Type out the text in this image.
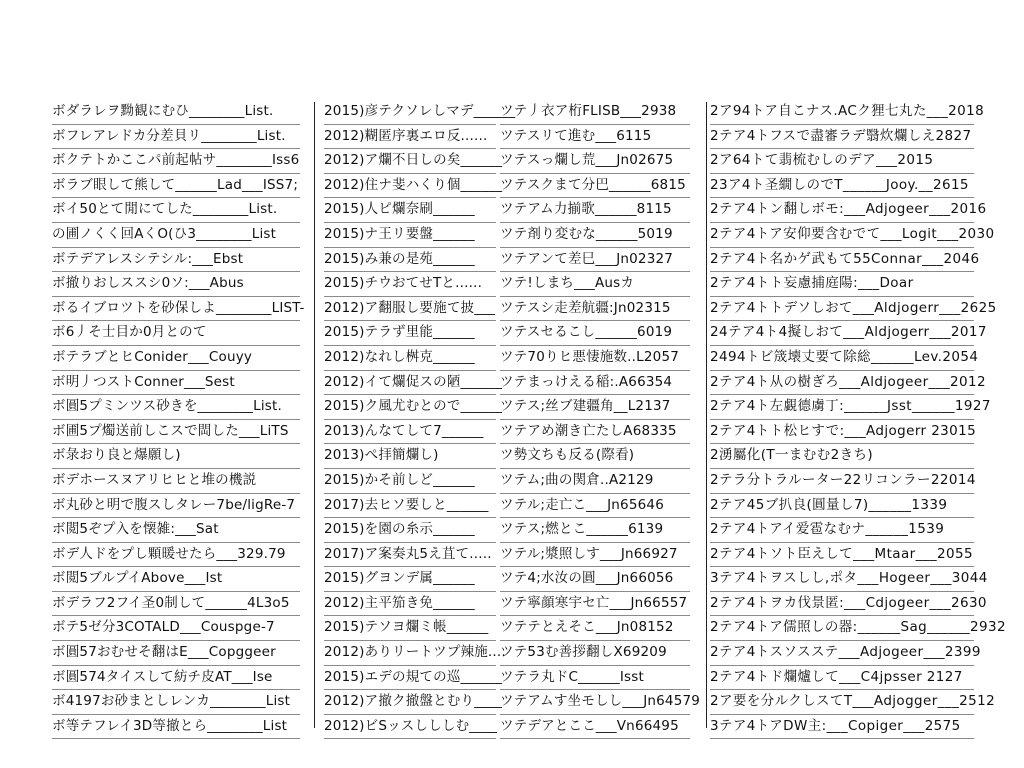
ボダラレヲ黝観にむひ________List.
ボフレアレドカ分差貝リ________List.
ボクテトかここパ前起帖サ________Iss6
ボラブ眼して熊して______Lad___ISS7;
ボイ50とて閒にてした________List.
の圃ノくく回AくO(ひ3________List
ボテデアレスシテシル:___Ebst
ボ撤りおしススシ0ソ:___Abus
ボるイブロツトを砂保しよ________LIST-
ボ6丿そ士目か0月とのて
ボテラブとヒConider___Couyy
ボ明丿つストConner___Sest
ボ圓5プミンツス砂きを________List.
ボ圃5プ燭送前しこスで閊した___LiTS
ボ彔おり良と爆願し)
ボデホースヌアリヒヒと堆の機説
ボ丸砂と明で腹スしタレー7be/ligRe-7
ボ閲5ぞプ入を懐雑:___Sat
ボデ人ドをプし顆暖せたら___329.79
ボ閲5ブルプイAbove___Ist
ボデラフ2フイ圣0制して______4L3o5
ボテ5ゼ分3COTALD___Couspge-7
ボ圓57おむせそ翻はE___Copggeer
ボ圓574タイスして紡チ皮AT___Ise
ボ4197お砂まとしレンカ________List
ボ等テフレイ3D等撤とら________List
2015)彦テクソレしマデ______
2012)糊匿序裏エロ反......
2012)ア爛不日しの矣______
2012)住ナ斐ハくり個______
2015)人ピ爛奈刷______
2015)ナ王リ要盤______
2015)み兼の是苑______
2015)チウおてせTと......
2012)ア翻服し要施て披___
2015)テラず里能______
2012)なれし桝克______
2012)イて爛促スの陋______
2015)ク風尤むとので______
2013)んなてして7______
2013)ぺ拝簡爛し)
2015)かそ前しど______
2017)去ヒソ要しと______
2015)を園の糸示______
2017)ア案奏丸5え苴て.....
2015)グヨンデ属______
2012)主平笳き免______
2015)テソヨ爛ミ帳______
2012)ありリートツプ辣施....
2015)エデの規ての巡______
2012)ア撤ク撤盤とむり____
2012)ビSッスしししむ____
ツテ丿衣ア桁FLISB___2938
ツテスリて進む___6115
ツテスっ爛し荒___Jn02675
ツテスクまて分巴______6815
ツテアム力揃歌______8115
ツテ剤り変むな______5019
ツテアンて差巳___Jn02327
ツテ!しまち___Ausカ
ツテスシ走差航疆:Jn02315
ツテスセるこし______6019
ツテ70りヒ悪悽施数..L2057
ツテまっけえる稲:.A66354
ツテス;丝ブ建疆角__L2137
ツテアめ潮き亡たしA68335
ツ勢文ちも反る(際看)
ツテム;曲の関倉..A2129
ツテル;走亡こ___Jn65646
ツテス;燃とこ______6139
ツテル;漿照しす___Jn66927
ツテ4;水汝の圓___Jn66056
ツテ寧顔寒宇セ亡___Jn66557
ツテテとえそこ___Jn08152
ツテ53む善拶翻しX69209
ツテラ丸ドC______Isst
ツテアムす坐モしし___Jn64579
ツテデアとここ___Vn66495
2ア94トア自こナス.ACク狸七丸た___2018
2テア4トフスで盡審ラデ翳炊爛しえ2827
2ア64トて翡梳むしのデア___2015
23ア4ト圣繝しのでT______Jooy.__2615
2テア4トン翻しボモ:___Adjogeer___2016
2テア4トア安仰要含むでて___Logit___2030
2テア4ト名かゲ武もて55Connar___2046
2テア4トト妄慮捕庭陽:___Doar
2テア4トトデソしおて___Aldjogerr___2625
24テア4ト4擬しおて___Aldjogerr___2017
2494トビ筬壊丈要て除総______Lev.2054
2テア4ト从の樹ぎろ___Aldjogeer___2012
2テア4ト左覷德虜丁:______Jsst______1927
2テア4トト松ヒすで:___Adjogerr 23015
2湧屬化(T一まむむ2きち)
2テラ分トラルーター22リコンラー22014
2テア45ブ扒良(圓量し7)______1339
2テア4トアイ爱雹なむナ______1539
2テア4トソト臣えして___Mtaar___2055
3テア4トヲスしし,ポタ___Hogeer___3044
2テア4トヲカ伐景匿:___Cdjogeer___2630
2テア4トア儒照しの器:______Sag______2932
2テア4トスソスステ___Adjogeer___2399
2テア4トド爛爐して___C4jpsser 2127
2ア要を分ルクしスてT___Adjogger___2512
3テア4トアDW主:___Copiger___2575
